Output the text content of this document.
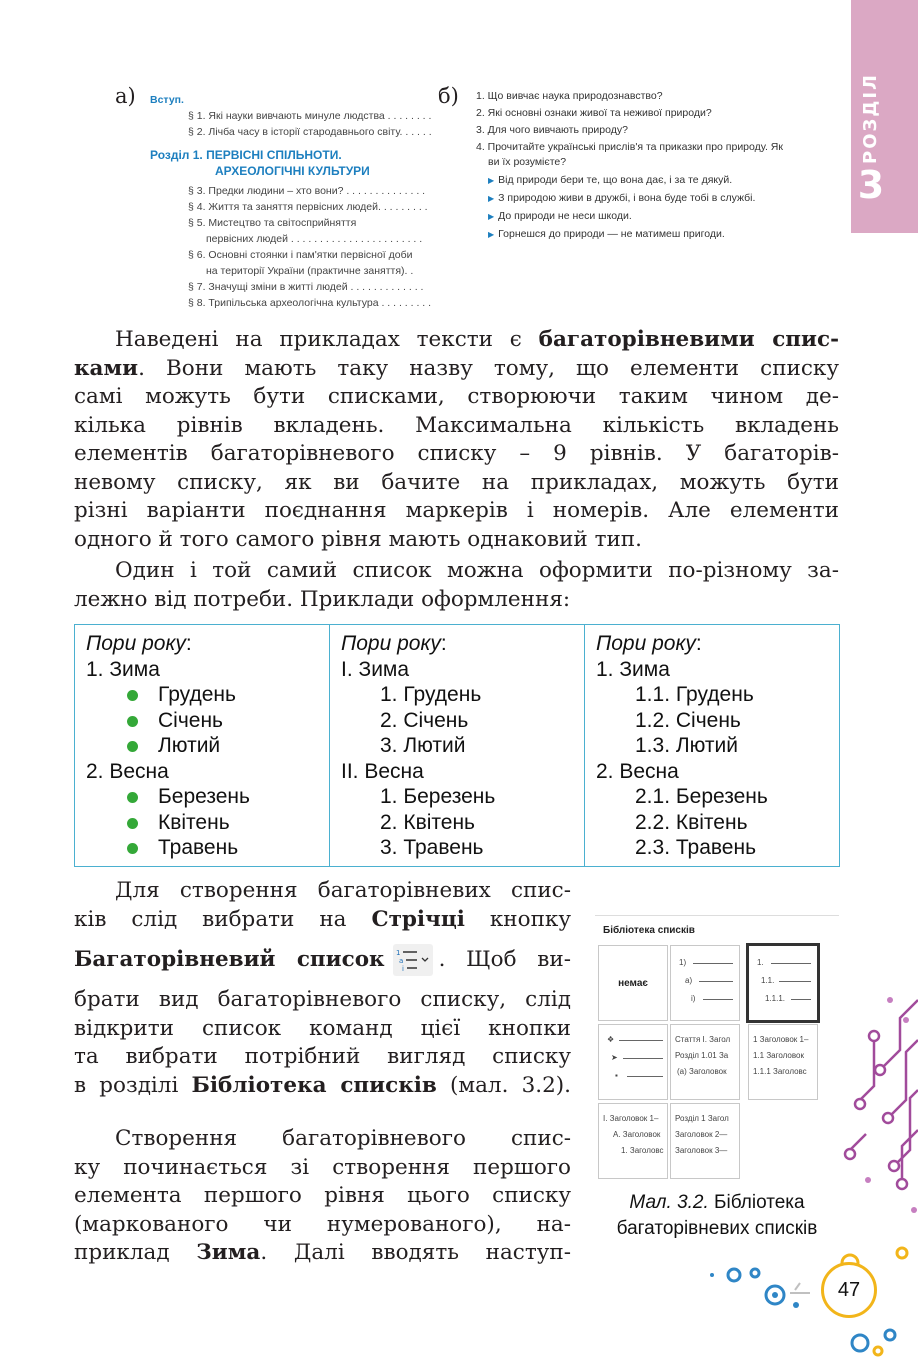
РОЗДІЛ
3
а) Вступ.
§ 1. Які науки вивчають минуле людства . . . . . . . .
§ 2. Лічба часу в історії стародавнього світу. . . . . .
Розділ 1. ПЕРВІСНІ СПІЛЬНОТИ.
АРХЕОЛОГІЧНІ КУЛЬТУРИ
§ 3. Предки людини – хто вони? . . . . . . . . . . . . . .
§ 4. Життя та заняття первісних людей. . . . . . . . .
§ 5. Мистецтво та світосприйняття
первісних людей . . . . . . . . . . . . . . . . . . . . . . .
§ 6. Основні стоянки і пам'ятки первісної доби
на території України (практичне заняття). .
§ 7. Значущі зміни в житті людей . . . . . . . . . . . . .
§ 8. Трипільська археологічна культура . . . . . . . . .
б) 1. Що вивчає наука природознавство?
2. Які основні ознаки живої та неживої природи?
3. Для чого вивчають природу?
4. Прочитайте українські прислів'я та приказки про природу. Як
ви їх розумієте?
▶ Від природи бери те, що вона дає, і за те дякуй.
▶ З природою живи в дружбі, і вона буде тобі в службі.
▶ До природи не неси шкоди.
▶ Горнешся до природи — не матимеш пригоди.
Наведені на прикладах тексти є багаторівневими спис-
ками. Вони мають таку назву тому, що елементи списку
самі можуть бути списками, створюючи таким чином де-
кілька рівнів вкладень. Максимальна кількість вкладень
елементів багаторівневого списку – 9 рівнів. У багаторів-
невому списку, як ви бачите на прикладах, можуть бути
різні варіанти поєднання маркерів і номерів. Але елементи
одного й того самого рівня мають однаковий тип.
Один і той самий список можна оформити по-різному за-
лежно від потреби. Приклади оформлення:
Пори року:
1. Зима
Грудень
Січень
Лютий
2. Весна
Березень
Квітень
Травень
Пори року:
I. Зима
1. Грудень
2. Січень
3. Лютий
II. Весна
1. Березень
2. Квітень
3. Травень
Пори року:
1. Зима
1.1. Грудень
1.2. Січень
1.3. Лютий
2. Весна
2.1. Березень
2.2. Квітень
2.3. Травень
Для створення багаторівневих спис-
ків слід вибрати на Стрічці кнопку
Багаторівневий список 1
a
i . Щоб ви-
брати вид багаторівневого списку, слід
відкрити список команд цієї кнопки
та вибрати потрібний вигляд списку
в розділі Бібліотека списків (мал. 3.2).
Створення багаторівневого спис-
ку починається зі створення першого
елемента першого рівня цього списку
(маркованого чи нумерованого), на-
приклад Зима. Далі вводять наступ-
Бібліотека списків
немає
1)
a)
i)
1.
1.1.
1.1.1.
❖
➤
▪
Стаття I. Загол
Розділ 1.01 За
(a) Заголовок
1 Заголовок 1–
1.1 Заголовок
1.1.1 Заголовс
I. Заголовок 1–
A. Заголовок
1. Заголовс
Розділ 1 Загол
Заголовок 2—
Заголовок 3—
Мал. 3.2. Бібліотека
багаторівневих списків
47
